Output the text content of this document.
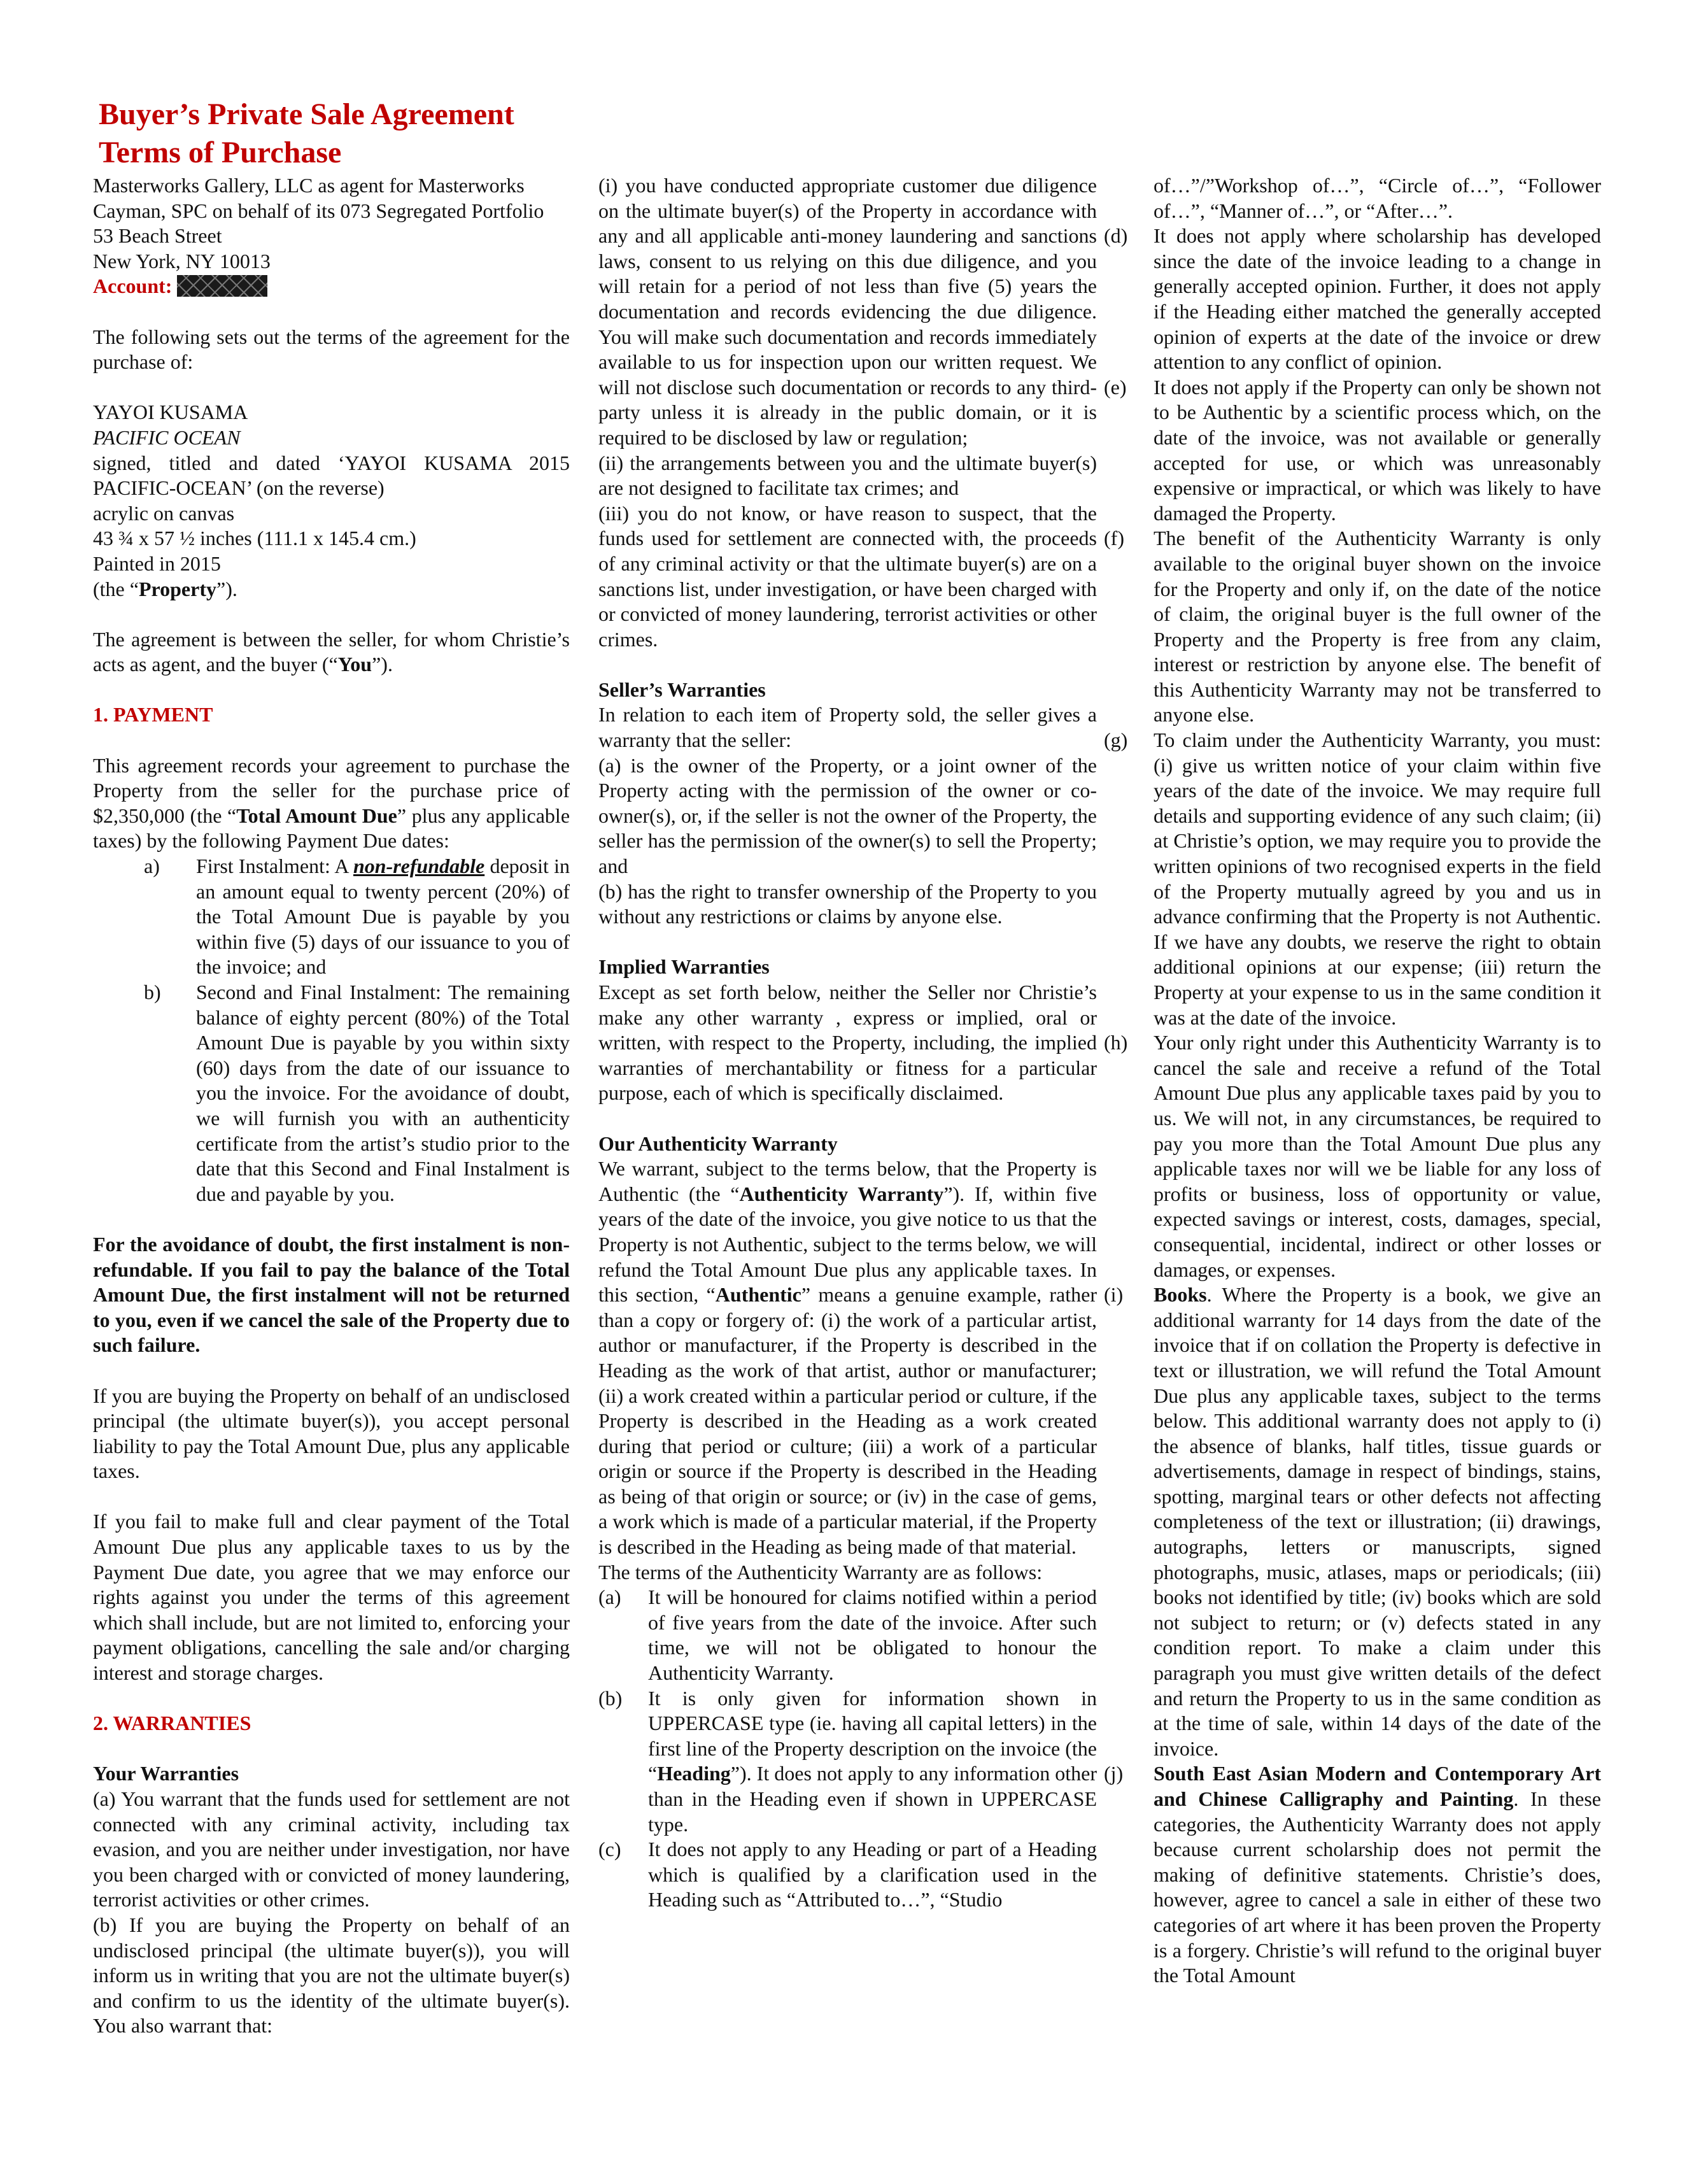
Buyer’s Private Sale Agreement
Terms of Purchase

Masterworks Gallery, LLC as agent for Masterworks Cayman, SPC on behalf of its 073 Segregated Portfolio
53 Beach Street
New York, NY 10013
Account:

The following sets out the terms of the agreement for the purchase of:

YAYOI KUSAMA
PACIFIC OCEAN
signed, titled and dated ‘YAYOI KUSAMA 2015 PACIFIC-OCEAN’ (on the reverse)
acrylic on canvas
43 ¾ x 57 ½ inches (111.1 x 145.4 cm.)
Painted in 2015
(the “Property”).

The agreement is between the seller, for whom Christie’s acts as agent, and the buyer (“You”).

1. PAYMENT

This agreement records your agreement to purchase the Property from the seller for the purchase price of $2,350,000 (the “Total Amount Due” plus any applicable taxes) by the following Payment Due dates:

a)	First Instalment: A non-refundable deposit in an amount equal to twenty percent (20%) of the Total Amount Due is payable by you within five (5) days of our issuance to you of the invoice; and
b)	Second and Final Instalment: The remaining balance of eighty percent (80%) of the Total Amount Due is payable by you within sixty (60) days from the date of our issuance to you the invoice. For the avoidance of doubt, we will furnish you with an authenticity certificate from the artist’s studio prior to the date that this Second and Final Instalment is due and payable by you.

For the avoidance of doubt, the first instalment is non-refundable. If you fail to pay the balance of the Total Amount Due, the first instalment will not be returned to you, even if we cancel the sale of the Property due to such failure.

If you are buying the Property on behalf of an undisclosed principal (the ultimate buyer(s)), you accept personal liability to pay the Total Amount Due, plus any applicable taxes.

If you fail to make full and clear payment of the Total Amount Due plus any applicable taxes to us by the Payment Due date, you agree that we may enforce our rights against you under the terms of this agreement which shall include, but are not limited to, enforcing your payment obligations, cancelling the sale and/or charging interest and storage charges.

2. WARRANTIES

Your Warranties

(a) You warrant that the funds used for settlement are not connected with any criminal activity, including tax evasion, and you are neither under investigation, nor have you been charged with or convicted of money laundering, terrorist activities or other crimes.

(b) If you are buying the Property on behalf of an undisclosed principal (the ultimate buyer(s)), you will inform us in writing that you are not the ultimate buyer(s) and confirm to us the identity of the ultimate buyer(s). You also warrant that:

(i) you have conducted appropriate customer due diligence on the ultimate buyer(s) of the Property in accordance with any and all applicable anti-money laundering and sanctions laws, consent to us relying on this due diligence, and you will retain for a period of not less than five (5) years the documentation and records evidencing the due diligence. You will make such documentation and records immediately available to us for inspection upon our written request. We will not disclose such documentation or records to any third-party unless it is already in the public domain, or it is required to be disclosed by law or regulation;

(ii) the arrangements between you and the ultimate buyer(s) are not designed to facilitate tax crimes; and

(iii) you do not know, or have reason to suspect, that the funds used for settlement are connected with, the proceeds of any criminal activity or that the ultimate buyer(s) are on a sanctions list, under investigation, or have been charged with or convicted of money laundering, terrorist activities or other crimes.

Seller’s Warranties

In relation to each item of Property sold, the seller gives a warranty that the seller:

(a) is the owner of the Property, or a joint owner of the Property acting with the permission of the owner or co-owner(s), or, if the seller is not the owner of the Property, the seller has the permission of the owner(s) to sell the Property; and

(b) has the right to transfer ownership of the Property to you without any restrictions or claims by anyone else.

Implied Warranties

Except as set forth below, neither the Seller nor Christie’s make any other warranty , express or implied, oral or written, with respect to the Property, including, the implied warranties of merchantability or fitness for a particular purpose, each of which is specifically disclaimed.

Our Authenticity Warranty

We warrant, subject to the terms below, that the Property is Authentic (the “Authenticity Warranty”). If, within five years of the date of the invoice, you give notice to us that the Property is not Authentic, subject to the terms below, we will refund the Total Amount Due plus any applicable taxes. In this section, “Authentic” means a genuine example, rather than a copy or forgery of: (i) the work of a particular artist, author or manufacturer, if the Property is described in the Heading as the work of that artist, author or manufacturer; (ii) a work created within a particular period or culture, if the Property is described in the Heading as a work created during that period or culture; (iii) a work of a particular origin or source if the Property is described in the Heading as being of that origin or source; or (iv) in the case of gems, a work which is made of a particular material, if the Property is described in the Heading as being made of that material.

The terms of the Authenticity Warranty are as follows:

(a)	It will be honoured for claims notified within a period of five years from the date of the invoice. After such time, we will not be obligated to honour the Authenticity Warranty.
(b)	It is only given for information shown in UPPERCASE type (ie. having all capital letters) in the first line of the Property description on the invoice (the “Heading”). It does not apply to any information other than in the Heading even if shown in UPPERCASE type.
(c)	It does not apply to any Heading or part of a Heading which is qualified by a clarification used in the Heading such as “Attributed to…”, “Studio
of…”/”Workshop of…”, “Circle of…”, “Follower of…”, “Manner of…”, or “After…”.
(d)	It does not apply where scholarship has developed since the date of the invoice leading to a change in generally accepted opinion. Further, it does not apply if the Heading either matched the generally accepted opinion of experts at the date of the invoice or drew attention to any conflict of opinion.
(e)	It does not apply if the Property can only be shown not to be Authentic by a scientific process which, on the date of the invoice, was not available or generally accepted for use, or which was unreasonably expensive or impractical, or which was likely to have damaged the Property.
(f)	The benefit of the Authenticity Warranty is only available to the original buyer shown on the invoice for the Property and only if, on the date of the notice of claim, the original buyer is the full owner of the Property and the Property is free from any claim, interest or restriction by anyone else. The benefit of this Authenticity Warranty may not be transferred to anyone else.
(g)	To claim under the Authenticity Warranty, you must: (i) give us written notice of your claim within five years of the date of the invoice. We may require full details and supporting evidence of any such claim; (ii) at Christie’s option, we may require you to provide the written opinions of two recognised experts in the field of the Property mutually agreed by you and us in advance confirming that the Property is not Authentic. If we have any doubts, we reserve the right to obtain additional opinions at our expense; (iii) return the Property at your expense to us in the same condition it was at the date of the invoice.
(h)	Your only right under this Authenticity Warranty is to cancel the sale and receive a refund of the Total Amount Due plus any applicable taxes paid by you to us. We will not, in any circumstances, be required to pay you more than the Total Amount Due plus any applicable taxes nor will we be liable for any loss of profits or business, loss of opportunity or value, expected savings or interest, costs, damages, special, consequential, incidental, indirect or other losses or damages, or expenses.
(i)	Books. Where the Property is a book, we give an additional warranty for 14 days from the date of the invoice that if on collation the Property is defective in text or illustration, we will refund the Total Amount Due plus any applicable taxes, subject to the terms below. This additional warranty does not apply to (i) the absence of blanks, half titles, tissue guards or advertisements, damage in respect of bindings, stains, spotting, marginal tears or other defects not affecting completeness of the text or illustration; (ii) drawings, autographs, letters or manuscripts, signed photographs, music, atlases, maps or periodicals; (iii) books not identified by title; (iv) books which are sold not subject to return; or (v) defects stated in any condition report. To make a claim under this paragraph you must give written details of the defect and return the Property to us in the same condition as at the time of sale, within 14 days of the date of the invoice.
(j)	South East Asian Modern and Contemporary Art and Chinese Calligraphy and Painting. In these categories, the Authenticity Warranty does not apply because current scholarship does not permit the making of definitive statements. Christie’s does, however, agree to cancel a sale in either of these two categories of art where it has been proven the Property is a forgery. Christie’s will refund to the original buyer the Total Amount
